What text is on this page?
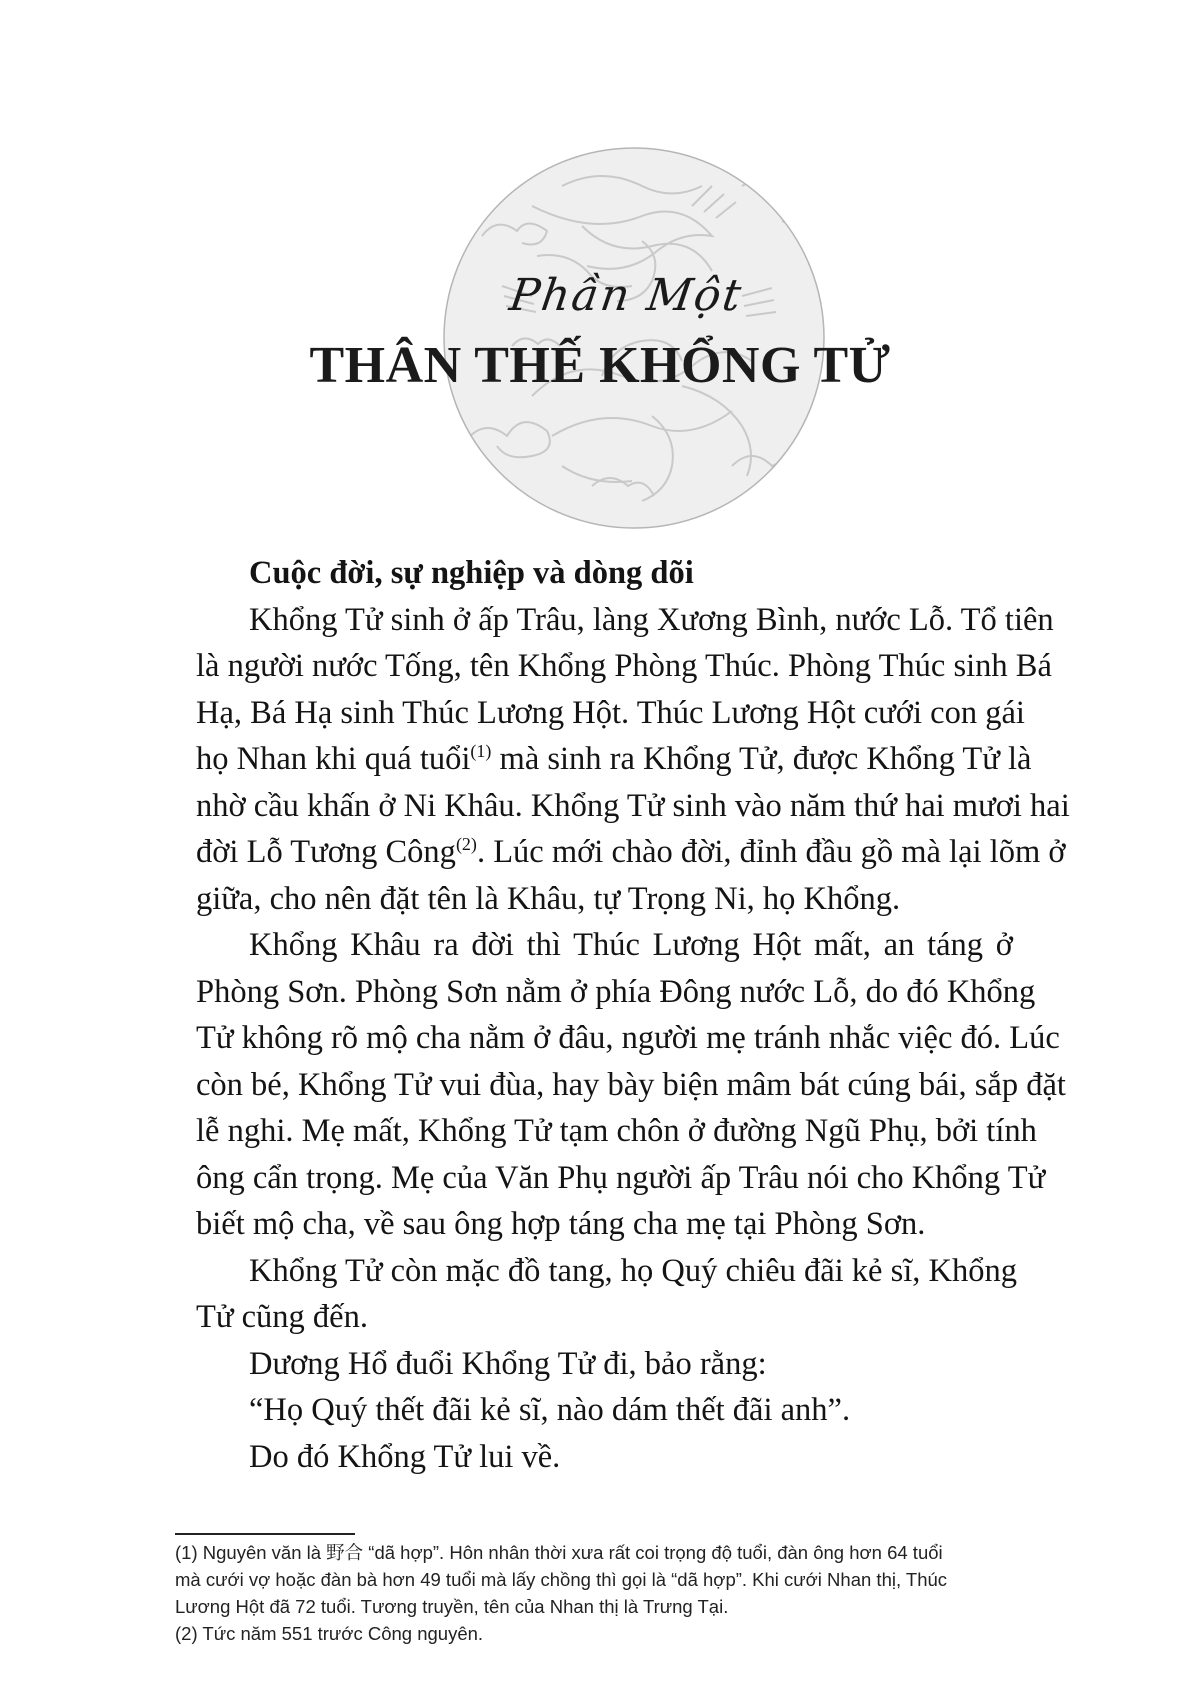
Phần Một
THÂN THẾ KHỔNG TỬ
Cuộc đời, sự nghiệp và dòng dõi
Khổng Tử sinh ở ấp Trâu, làng Xương Bình, nước Lỗ. Tổ tiên
là người nước Tống, tên Khổng Phòng Thúc. Phòng Thúc sinh Bá
Hạ, Bá Hạ sinh Thúc Lương Hột. Thúc Lương Hột cưới con gái
họ Nhan khi quá tuổi$^{(1)}$ mà sinh ra Khổng Tử, được Khổng Tử là
nhờ cầu khấn ở Ni Khâu. Khổng Tử sinh vào năm thứ hai mươi hai
đời Lỗ Tương Công$^{(2)}$. Lúc mới chào đời, đỉnh đầu gồ mà lại lõm ở
giữa, cho nên đặt tên là Khâu, tự Trọng Ni, họ Khổng.
Khổng Khâu ra đời thì Thúc Lương Hột mất, an táng ở
Phòng Sơn. Phòng Sơn nằm ở phía Đông nước Lỗ, do đó Khổng
Tử không rõ mộ cha nằm ở đâu, người mẹ tránh nhắc việc đó. Lúc
còn bé, Khổng Tử vui đùa, hay bày biện mâm bát cúng bái, sắp đặt
lễ nghi. Mẹ mất, Khổng Tử tạm chôn ở đường Ngũ Phụ, bởi tính
ông cẩn trọng. Mẹ của Văn Phụ người ấp Trâu nói cho Khổng Tử
biết mộ cha, về sau ông hợp táng cha mẹ tại Phòng Sơn.
Khổng Tử còn mặc đồ tang, họ Quý chiêu đãi kẻ sĩ, Khổng
Tử cũng đến.
Dương Hổ đuổi Khổng Tử đi, bảo rằng:
“Họ Quý thết đãi kẻ sĩ, nào dám thết đãi anh”.
Do đó Khổng Tử lui về.
(1) Nguyên văn là 野合 “dã hợp”. Hôn nhân thời xưa rất coi trọng độ tuổi, đàn ông hơn 64 tuổi
mà cưới vợ hoặc đàn bà hơn 49 tuổi mà lấy chồng thì gọi là “dã hợp”. Khi cưới Nhan thị, Thúc
Lương Hột đã 72 tuổi. Tương truyền, tên của Nhan thị là Trưng Tại.
(2) Tức năm 551 trước Công nguyên.
